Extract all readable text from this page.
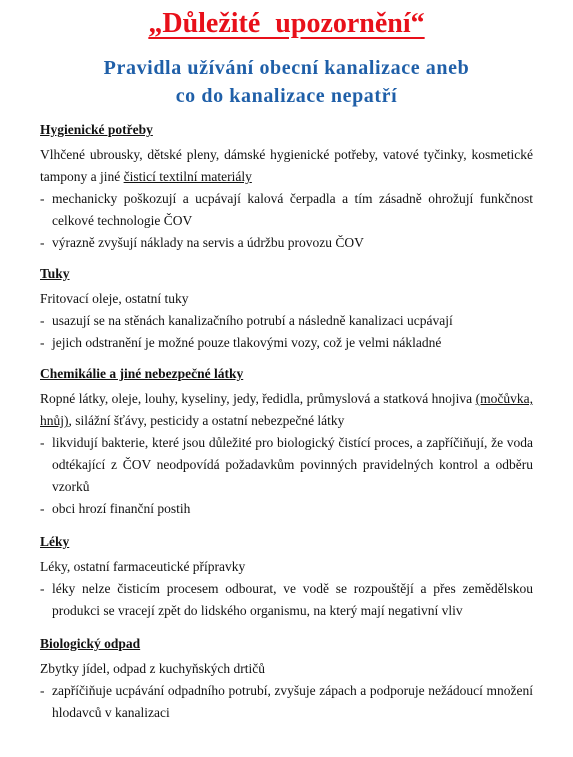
„Důležité upozornění“
Pravidla užívání obecní kanalizace aneb
co do kanalizace nepatří
Hygienické potřeby

Vlhčené ubrousky, dětské pleny, dámské hygienické potřeby, vatové tyčinky, kosmetické tampony a jiné čisticí textilní materiály

- mechanicky poškozují a ucpávají kalová čerpadla a tím zásadně ohrožují funkčnost celkové technologie ČOV
- výrazně zvyšují náklady na servis a údržbu provozu ČOV
Tuky

Fritovací oleje, ostatní tuky

- usazují se na stěnách kanalizačního potrubí a následně kanalizaci ucpávají
- jejich odstranění je možné pouze tlakovými vozy, což je velmi nákladné
Chemikálie a jiné nebezpečné látky

Ropné látky, oleje, louhy, kyseliny, jedy, ředidla, průmyslová a statková hnojiva (močůvka, hnůj), silážní šťávy, pesticidy a ostatní nebezpečné látky

- likvidují bakterie, které jsou důležité pro biologický čistící proces, a zapříčiňují, že voda odtékající z ČOV neodpovídá požadavkům povinných pravidelných kontrol a odběru vzorků
- obci hrozí finanční postih
Léky

Léky, ostatní farmaceutické přípravky

- léky nelze čisticím procesem odbourat, ve vodě se rozpouštějí a přes zemědělskou produkci se vracejí zpět do lidského organismu, na který mají negativní vliv
Biologický odpad

Zbytky jídel, odpad z kuchyňských drtičů

- zapříčiňuje ucpávání odpadního potrubí, zvyšuje zápach a podporuje nežádoucí množení hlodavců v kanalizaci
